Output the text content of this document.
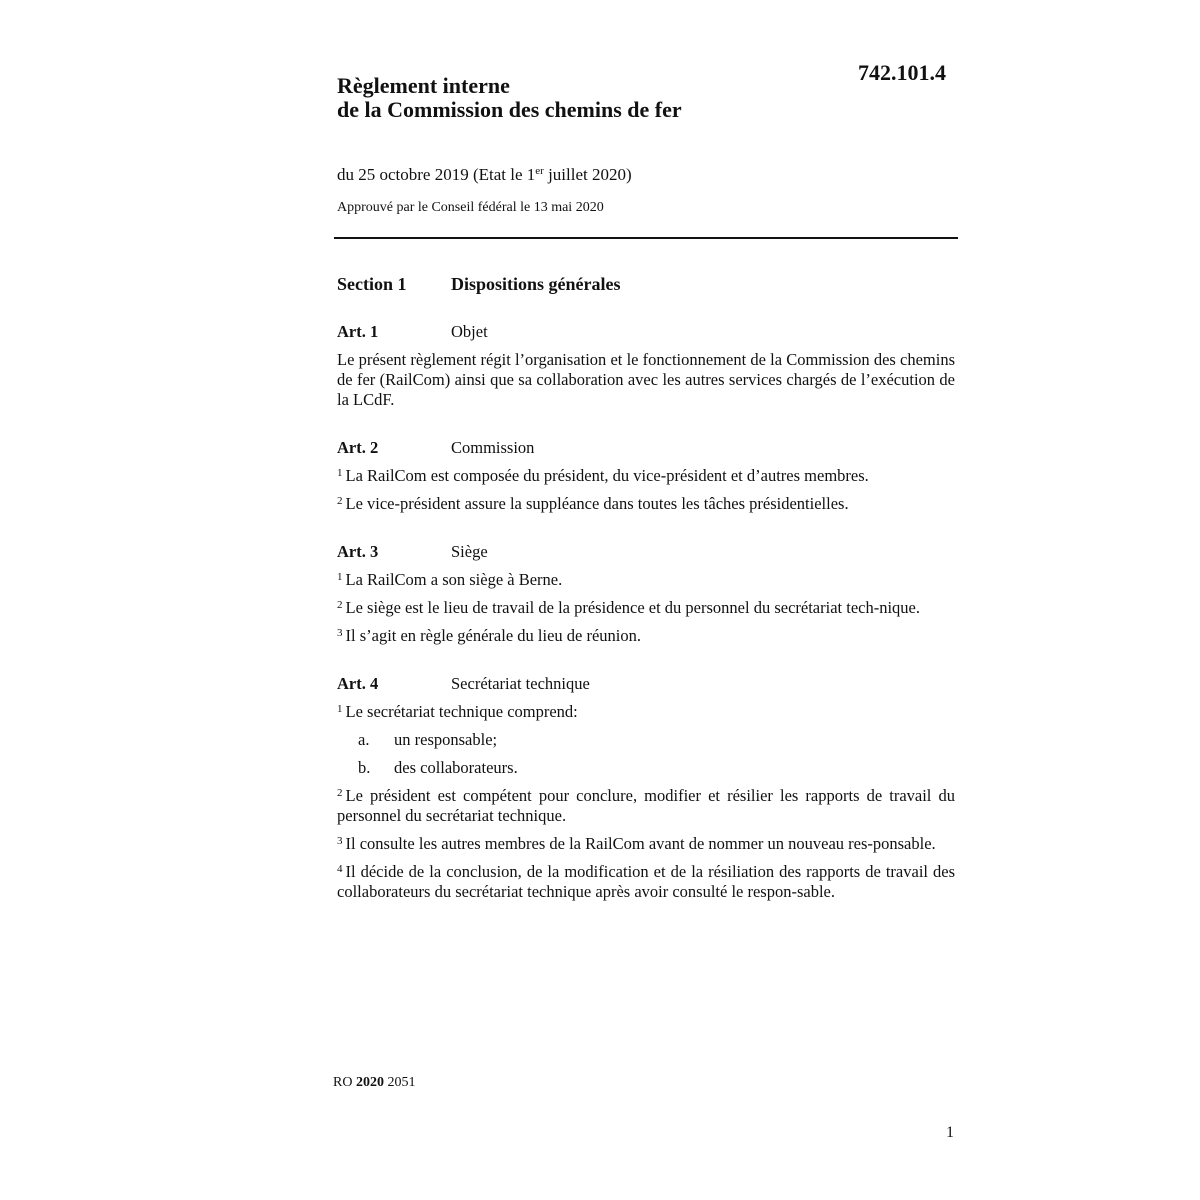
742.101.4
Règlement interne
de la Commission des chemins de fer
du 25 octobre 2019 (Etat le 1er juillet 2020)
Approuvé par le Conseil fédéral le 13 mai 2020
Section 1	Dispositions générales
Art. 1	Objet
Le présent règlement régit l’organisation et le fonctionnement de la Commission des chemins de fer (RailCom) ainsi que sa collaboration avec les autres services chargés de l’exécution de la LCdF.
Art. 2	Commission
$^1$ La RailCom est composée du président, du vice-président et d’autres membres.
$^2$ Le vice-président assure la suppléance dans toutes les tâches présidentielles.
Art. 3	Siège
$^1$ La RailCom a son siège à Berne.
$^2$ Le siège est le lieu de travail de la présidence et du personnel du secrétariat tech-nique.
$^3$ Il s’agit en règle générale du lieu de réunion.
Art. 4	Secrétariat technique
$^1$ Le secrétariat technique comprend:
a.	un responsable;
b.	des collaborateurs.
$^2$ Le président est compétent pour conclure, modifier et résilier les rapports de travail du personnel du secrétariat technique.
$^3$ Il consulte les autres membres de la RailCom avant de nommer un nouveau res-ponsable.
$^4$ Il décide de la conclusion, de la modification et de la résiliation des rapports de travail des collaborateurs du secrétariat technique après avoir consulté le respon-sable.
RO 2020 2051
1
